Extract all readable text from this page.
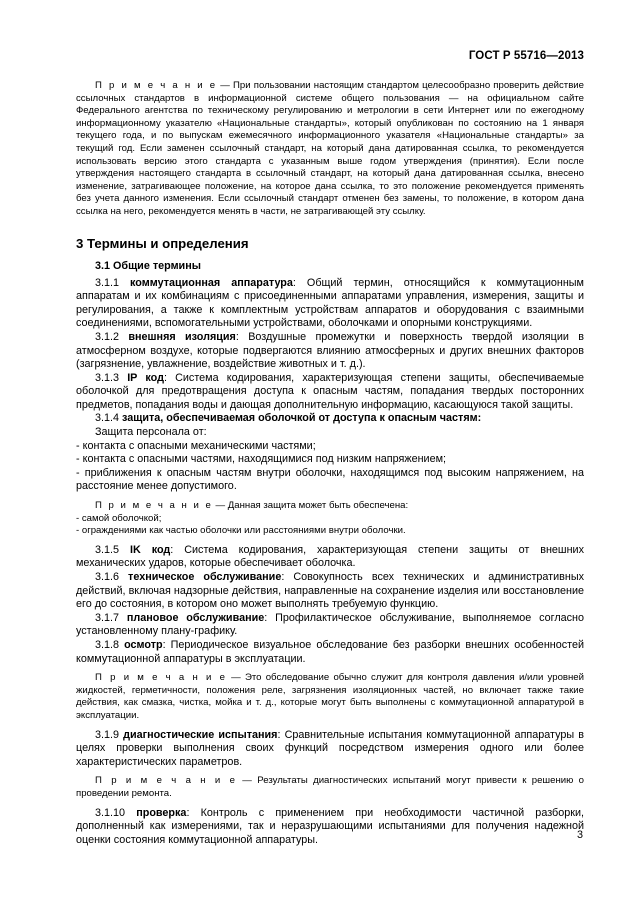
ГОСТ Р 55716—2013

П р и м е ч а н и е — При пользовании настоящим стандартом целесообразно проверить действие ссылочных стандартов в информационной системе общего пользования — на официальном сайте Федерального агентства по техническому регулированию и метрологии в сети Интернет или по ежегодному информационному указателю «Национальные стандарты», который опубликован по состоянию на 1 января текущего года, и по выпускам ежемесячного информационного указателя «Национальные стандарты» за текущий год. Если заменен ссылочный стандарт, на который дана датированная ссылка, то рекомендуется использовать версию этого стандарта с указанным выше годом утверждения (принятия). Если после утверждения настоящего стандарта в ссылочный стандарт, на который дана датированная ссылка, внесено изменение, затрагивающее положение, на которое дана ссылка, то это положение рекомендуется применять без учета данного изменения. Если ссылочный стандарт отменен без замены, то положение, в котором дана ссылка на него, рекомендуется менять в части, не затрагивающей эту ссылку.

3 Термины и определения
3.1 Общие термины

3.1.1 коммутационная аппаратура: Общий термин, относящийся к коммутационным аппаратам и их комбинациям с присоединенными аппаратами управления, измерения, защиты и регулирования, а также к комплектным устройствам аппаратов и оборудования с взаимными соединениями, вспомогательными устройствами, оболочками и опорными конструкциями.

3.1.2 внешняя изоляция: Воздушные промежутки и поверхность твердой изоляции в атмосферном воздухе, которые подвергаются влиянию атмосферных и других внешних факторов (загрязнение, увлажнение, воздействие животных и т. д.).

3.1.3 IP код: Система кодирования, характеризующая степени защиты, обеспечиваемые оболочкой для предотвращения доступа к опасным частям, попадания твердых посторонних предметов, попадания воды и дающая дополнительную информацию, касающуюся такой защиты.

3.1.4 защита, обеспечиваемая оболочкой от доступа к опасным частям:

Защита персонала от:

- контакта с опасными механическими частями;

- контакта с опасными частями, находящимися под низким напряжением;

- приближения к опасным частям внутри оболочки, находящимся под высоким напряжением, на расстояние менее допустимого.

П р и м е ч а н и е — Данная защита может быть обеспечена:

- самой оболочкой;

- ограждениями как частью оболочки или расстояниями внутри оболочки.

3.1.5 IK код: Система кодирования, характеризующая степени защиты от внешних механических ударов, которые обеспечивает оболочка.

3.1.6 техническое обслуживание: Совокупность всех технических и административных действий, включая надзорные действия, направленные на сохранение изделия или восстановление его до состояния, в котором оно может выполнять требуемую функцию.

3.1.7 плановое обслуживание: Профилактическое обслуживание, выполняемое согласно установленному плану-графику.

3.1.8 осмотр: Периодическое визуальное обследование без разборки внешних особенностей коммутационной аппаратуры в эксплуатации.

П р и м е ч а н и е — Это обследование обычно служит для контроля давления и/или уровней жидкостей, герметичности, положения реле, загрязнения изоляционных частей, но включает также такие действия, как смазка, чистка, мойка и т. д., которые могут быть выполнены с коммутационной аппаратурой в эксплуатации.

3.1.9 диагностические испытания: Сравнительные испытания коммутационной аппаратуры в целях проверки выполнения своих функций посредством измерения одного или более характеристических параметров.

П р и м е ч а н и е — Результаты диагностических испытаний могут привести к решению о проведении ремонта.

3.1.10 проверка: Контроль с применением при необходимости частичной разборки, дополненный как измерениями, так и неразрушающими испытаниями для получения надежной оценки состояния коммутационной аппаратуры.	3
